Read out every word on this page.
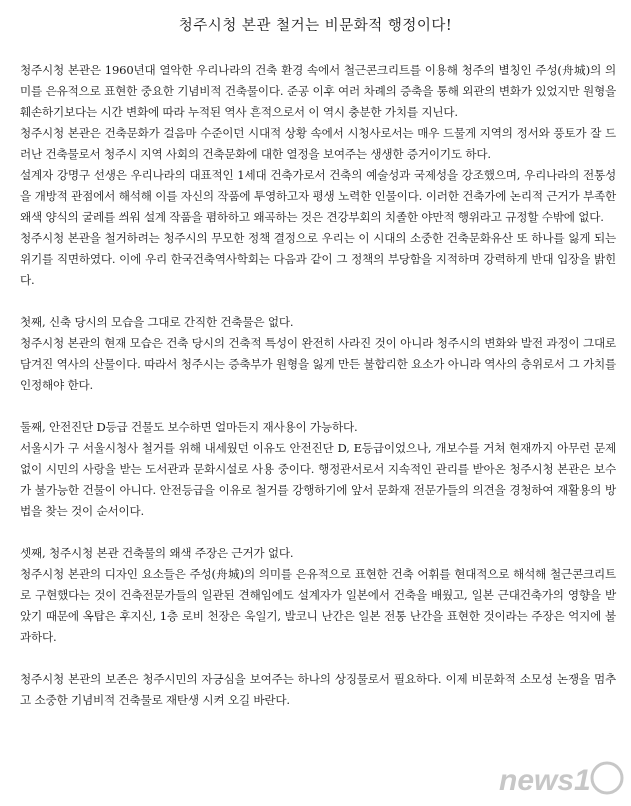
청주시청 본관 철거는 비문화적 행정이다!

청주시청 본관은 1960년대 열악한 우리나라의 건축 환경 속에서 철근콘크리트를 이용해 청주의 별칭인 주성(舟城)의 의미를 은유적으로 표현한 중요한 기념비적 건축물이다. 준공 이후 여러 차례의 증축을 통해 외관의 변화가 있었지만 원형을 훼손하기보다는 시간 변화에 따라 누적된 역사 흔적으로서 이 역시 충분한 가치를 지닌다.

청주시청 본관은 건축문화가 걸음마 수준이던 시대적 상황 속에서 시청사로서는 매우 드물게 지역의 정서와 풍토가 잘 드러난 건축물로서 청주시 지역 사회의 건축문화에 대한 열정을 보여주는 생생한 증거이기도 하다.

설계자 강명구 선생은 우리나라의 대표적인 1세대 건축가로서 건축의 예술성과 국제성을 강조했으며, 우리나라의 전통성을 개방적 관점에서 해석해 이를 자신의 작품에 투영하고자 평생 노력한 인물이다. 이러한 건축가에 논리적 근거가 부족한 왜색 양식의 굴레를 씌워 설계 작품을 폄하하고 왜곡하는 것은 견강부회의 치졸한 야만적 행위라고 규정할 수밖에 없다.

청주시청 본관을 철거하려는 청주시의 무모한 정책 결정으로 우리는 이 시대의 소중한 건축문화유산 또 하나를 잃게 되는 위기를 직면하였다. 이에 우리 한국건축역사학회는 다음과 같이 그 정책의 부당함을 지적하며 강력하게 반대 입장을 밝힌다.

첫째, 신축 당시의 모습을 그대로 간직한 건축물은 없다.

청주시청 본관의 현재 모습은 건축 당시의 건축적 특성이 완전히 사라진 것이 아니라 청주시의 변화와 발전 과정이 그대로 담겨진 역사의 산물이다. 따라서 청주시는 증축부가 원형을 잃게 만든 불합리한 요소가 아니라 역사의 층위로서 그 가치를 인정해야 한다.

둘째, 안전진단 D등급 건물도 보수하면 얼마든지 재사용이 가능하다.

서울시가 구 서울시청사 철거를 위해 내세웠던 이유도 안전진단 D, E등급이었으나, 개보수를 거쳐 현재까지 아무런 문제 없이 시민의 사랑을 받는 도서관과 문화시설로 사용 중이다. 행정관서로서 지속적인 관리를 받아온 청주시청 본관은 보수가 불가능한 건물이 아니다. 안전등급을 이유로 철거를 강행하기에 앞서 문화재 전문가들의 의견을 경청하여 재활용의 방법을 찾는 것이 순서이다.

셋째, 청주시청 본관 건축물의 왜색 주장은 근거가 없다.

청주시청 본관의 디자인 요소들은 주성(舟城)의 의미를 은유적으로 표현한 건축 어휘를 현대적으로 해석해 철근콘크리트로 구현했다는 것이 건축전문가들의 일관된 견해임에도 설계자가 일본에서 건축을 배웠고, 일본 근대건축가의 영향을 받았기 때문에 옥탑은 후지신, 1층 로비 천장은 욱일기, 발코니 난간은 일본 전통 난간을 표현한 것이라는 주장은 억지에 불과하다.

청주시청 본관의 보존은 청주시민의 자긍심을 보여주는 하나의 상징물로서 필요하다. 이제 비문화적 소모성 논쟁을 멈추고 소중한 기념비적 건축물로 재탄생 시켜 오길 바란다.

news1
